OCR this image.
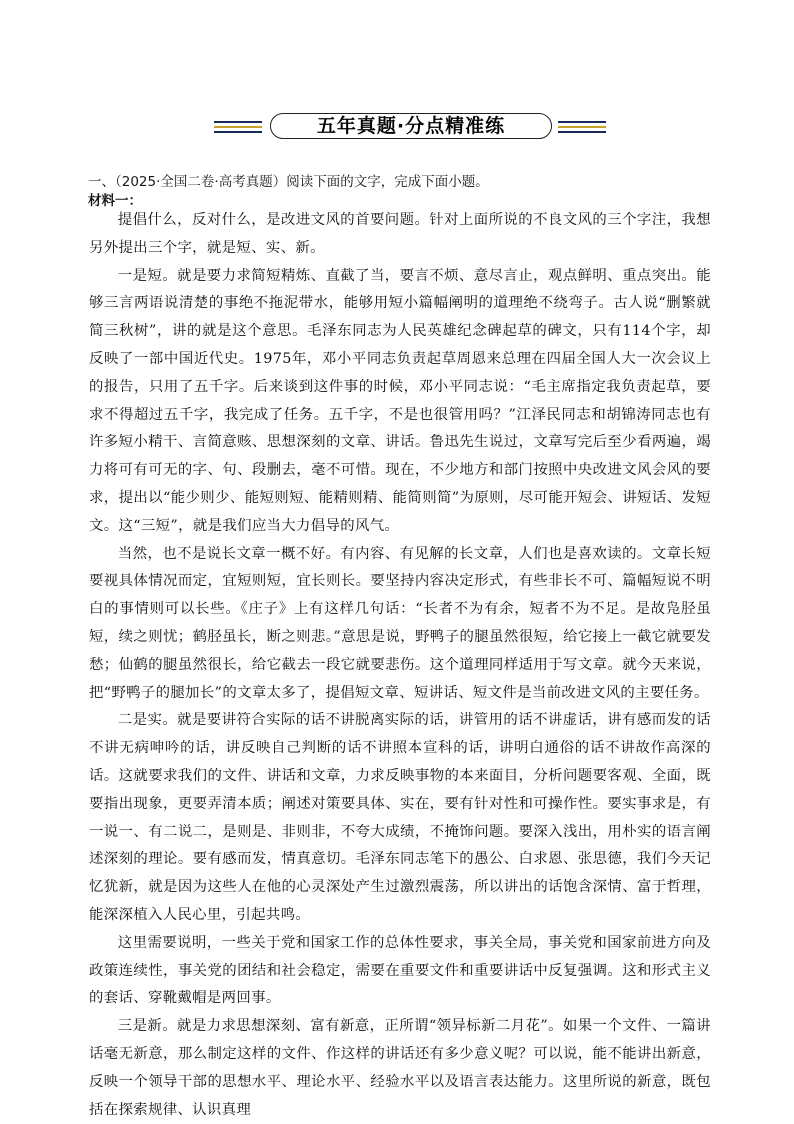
五年真题·分点精准练
一、（2025·全国二卷·高考真题）阅读下面的文字，完成下面小题。
材料一：

提倡什么，反对什么，是改进文风的首要问题。针对上面所说的不良文风的三个字注，我想另外提出三个字，就是短、实、新。

一是短。就是要力求简短精炼、直截了当，要言不烦、意尽言止，观点鲜明、重点突出。能够三言两语说清楚的事绝不拖泥带水，能够用短小篇幅阐明的道理绝不绕弯子。古人说“删繁就简三秋树”，讲的就是这个意思。毛泽东同志为人民英雄纪念碑起草的碑文，只有114个字，却反映了一部中国近代史。1975年，邓小平同志负责起草周恩来总理在四届全国人大一次会议上的报告，只用了五千字。后来谈到这件事的时候，邓小平同志说：“毛主席指定我负责起草，要求不得超过五千字，我完成了任务。五千字，不是也很管用吗？”江泽民同志和胡锦涛同志也有许多短小精干、言简意赅、思想深刻的文章、讲话。鲁迅先生说过，文章写完后至少看两遍，竭力将可有可无的字、句、段删去，毫不可惜。现在，不少地方和部门按照中央改进文风会风的要求，提出以“能少则少、能短则短、能精则精、能简则简”为原则，尽可能开短会、讲短话、发短文。这“三短”，就是我们应当大力倡导的风气。

当然，也不是说长文章一概不好。有内容、有见解的长文章，人们也是喜欢读的。文章长短要视具体情况而定，宜短则短，宜长则长。要坚持内容决定形式，有些非长不可、篇幅短说不明白的事情则可以长些。《庄子》上有这样几句话：“长者不为有余，短者不为不足。是故凫胫虽短，续之则忧；鹤胫虽长，断之则悲。”意思是说，野鸭子的腿虽然很短，给它接上一截它就要发愁；仙鹤的腿虽然很长，给它截去一段它就要悲伤。这个道理同样适用于写文章。就今天来说，把“野鸭子的腿加长”的文章太多了，提倡短文章、短讲话、短文件是当前改进文风的主要任务。

二是实。就是要讲符合实际的话不讲脱离实际的话，讲管用的话不讲虚话，讲有感而发的话不讲无病呻吟的话，讲反映自己判断的话不讲照本宣科的话，讲明白通俗的话不讲故作高深的话。这就要求我们的文件、讲话和文章，力求反映事物的本来面目，分析问题要客观、全面，既要指出现象，更要弄清本质；阐述对策要具体、实在，要有针对性和可操作性。要实事求是，有一说一、有二说二，是则是、非则非，不夸大成绩，不掩饰问题。要深入浅出，用朴实的语言阐述深刻的理论。要有感而发，情真意切。毛泽东同志笔下的愚公、白求恩、张思德，我们今天记忆犹新，就是因为这些人在他的心灵深处产生过激烈震荡，所以讲出的话饱含深情、富于哲理，能深深植入人民心里，引起共鸣。

这里需要说明，一些关于党和国家工作的总体性要求，事关全局，事关党和国家前进方向及政策连续性，事关党的团结和社会稳定，需要在重要文件和重要讲话中反复强调。这和形式主义的套话、穿靴戴帽是两回事。

三是新。就是力求思想深刻、富有新意，正所谓“领异标新二月花”。如果一个文件、一篇讲话毫无新意，那么制定这样的文件、作这样的讲话还有多少意义呢？可以说，能不能讲出新意，反映一个领导干部的思想水平、理论水平、经验水平以及语言表达能力。这里所说的新意，既包括在探索规律、认识真理
